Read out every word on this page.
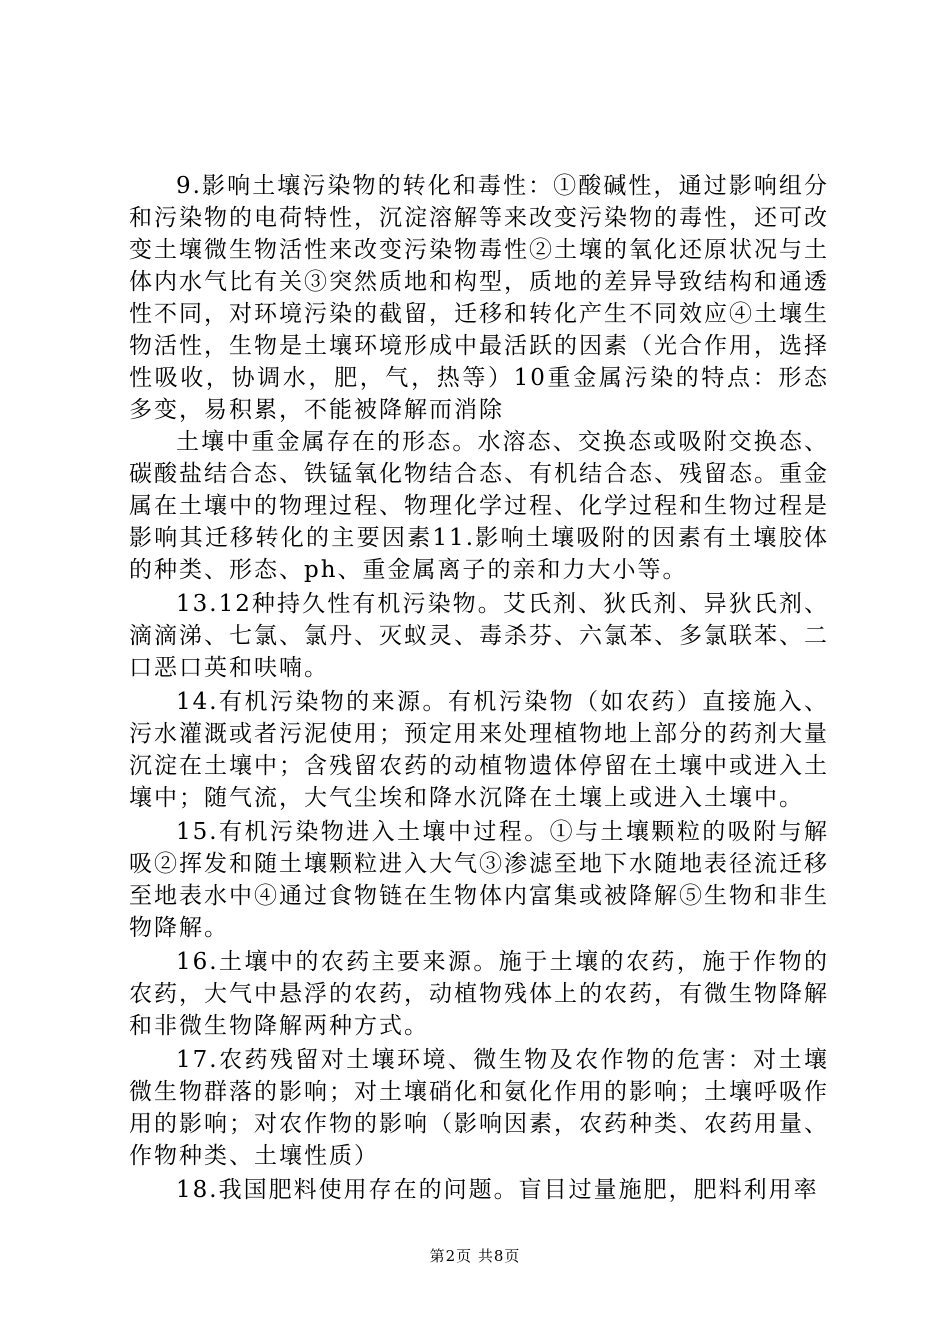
9.影响土壤污染物的转化和毒性：①酸碱性，通过影响组分和污染物的电荷特性，沉淀溶解等来改变污染物的毒性，还可改变土壤微生物活性来改变污染物毒性②土壤的氧化还原状况与土体内水气比有关③突然质地和构型，质地的差异导致结构和通透性不同，对环境污染的截留，迁移和转化产生不同效应④土壤生物活性，生物是土壤环境形成中最活跃的因素（光合作用，选择性吸收，协调水，肥，气，热等）10重金属污染的特点：形态多变，易积累，不能被降解而消除

土壤中重金属存在的形态。水溶态、交换态或吸附交换态、碳酸盐结合态、铁锰氧化物结合态、有机结合态、残留态。重金属在土壤中的物理过程、物理化学过程、化学过程和生物过程是影响其迁移转化的主要因素11.影响土壤吸附的因素有土壤胶体的种类、形态、ph、重金属离子的亲和力大小等。

13.12种持久性有机污染物。艾氏剂、狄氏剂、异狄氏剂、滴滴涕、七氯、氯丹、灭蚁灵、毒杀芬、六氯苯、多氯联苯、二口恶口英和呋喃。

14.有机污染物的来源。有机污染物（如农药）直接施入、污水灌溉或者污泥使用；预定用来处理植物地上部分的药剂大量沉淀在土壤中；含残留农药的动植物遗体停留在土壤中或进入土壤中；随气流，大气尘埃和降水沉降在土壤上或进入土壤中。

15.有机污染物进入土壤中过程。①与土壤颗粒的吸附与解吸②挥发和随土壤颗粒进入大气③渗滤至地下水随地表径流迁移至地表水中④通过食物链在生物体内富集或被降解⑤生物和非生物降解。

16.土壤中的农药主要来源。施于土壤的农药，施于作物的农药，大气中悬浮的农药，动植物残体上的农药，有微生物降解和非微生物降解两种方式。

17.农药残留对土壤环境、微生物及农作物的危害：对土壤微生物群落的影响；对土壤硝化和氨化作用的影响；土壤呼吸作用的影响；对农作物的影响（影响因素，农药种类、农药用量、作物种类、土壤性质）

18.我国肥料使用存在的问题。盲目过量施肥，肥料利用率

第2页 共8页
